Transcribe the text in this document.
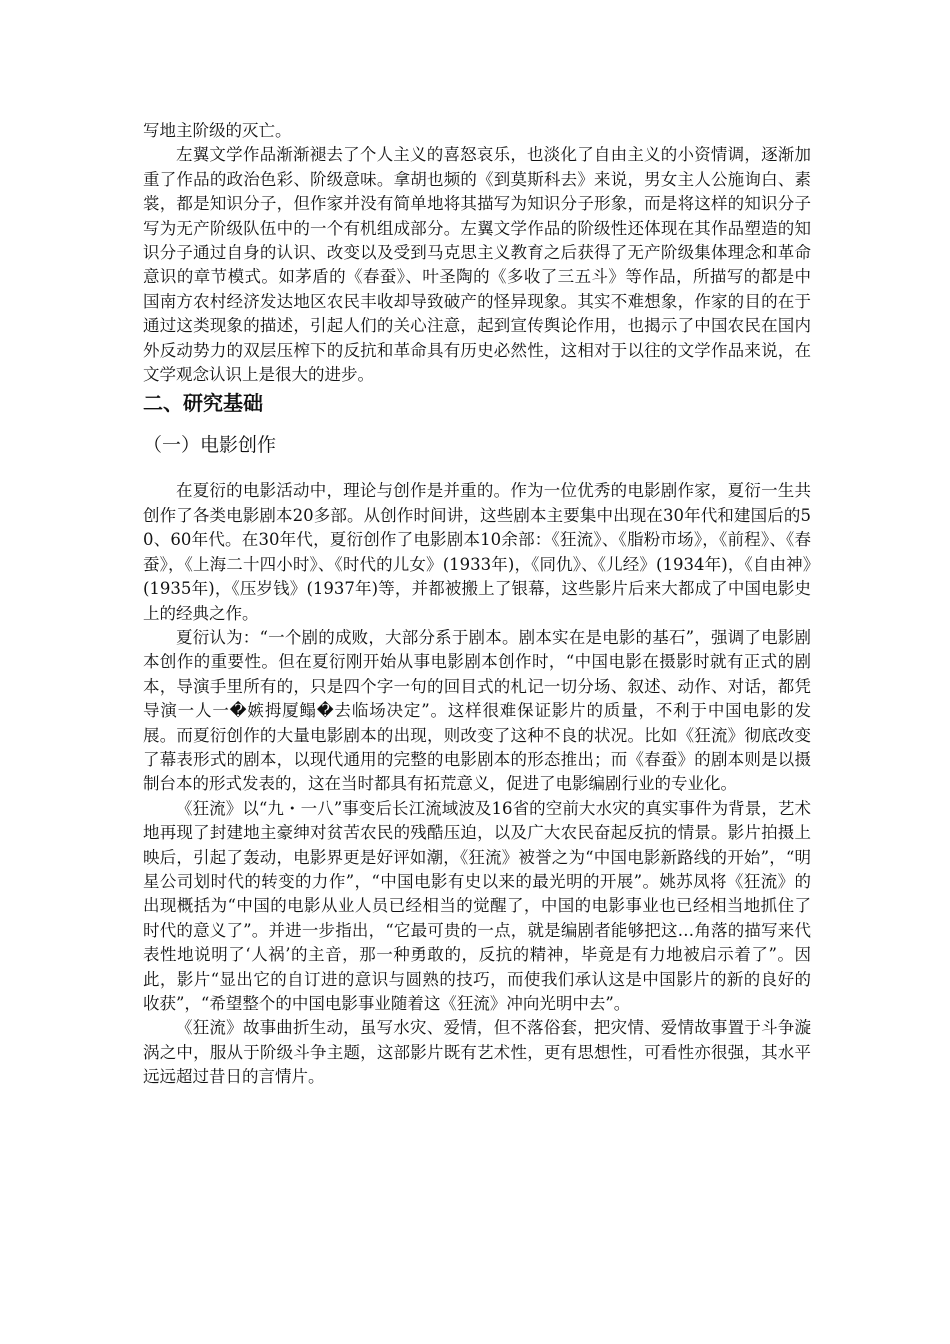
写地主阶级的灭亡。

左翼文学作品渐渐褪去了个人主义的喜怒哀乐，也淡化了自由主义的小资情调，逐渐加重了作品的政治色彩、阶级意味。拿胡也频的《到莫斯科去》来说，男女主人公施询白、素裳，都是知识分子，但作家并没有简单地将其描写为知识分子形象，而是将这样的知识分子写为无产阶级队伍中的一个有机组成部分。左翼文学作品的阶级性还体现在其作品塑造的知识分子通过自身的认识、改变以及受到马克思主义教育之后获得了无产阶级集体理念和革命意识的章节模式。如茅盾的《春蚕》、叶圣陶的《多收了三五斗》等作品，所描写的都是中国南方农村经济发达地区农民丰收却导致破产的怪异现象。其实不难想象，作家的目的在于通过这类现象的描述，引起人们的关心注意，起到宣传舆论作用，也揭示了中国农民在国内外反动势力的双层压榨下的反抗和革命具有历史必然性，这相对于以往的文学作品来说，在文学观念认识上是很大的进步。

二、研究基础
（一）电影创作

在夏衍的电影活动中，理论与创作是并重的。作为一位优秀的电影剧作家，夏衍一生共创作了各类电影剧本20多部。从创作时间讲，这些剧本主要集中出现在30年代和建国后的50、60年代。在30年代，夏衍创作了电影剧本10余部：《狂流》、《脂粉市场》，《前程》、《春蚕》，《上海二十四小时》、《时代的儿女》(1933年)，《同仇》、《儿经》(1934年)，《自由神》(1935年)，《压岁钱》(1937年)等，并都被搬上了银幕，这些影片后来大都成了中国电影史上的经典之作。

夏衍认为：“一个剧的成败，大部分系于剧本。剧本实在是电影的基石”，强调了电影剧本创作的重要性。但在夏衍刚开始从事电影剧本创作时，“中国电影在摄影时就有正式的剧本，导演手里所有的，只是四个字一句的回目式的札记一切分场、叙述、动作、对话，都凭导演一人一�嫉拇厦鳎�去临场决定”。这样很难保证影片的质量，不利于中国电影的发展。而夏衍创作的大量电影剧本的出现，则改变了这种不良的状况。比如《狂流》彻底改变了幕表形式的剧本，以现代通用的完整的电影剧本的形态推出；而《春蚕》的剧本则是以摄制台本的形式发表的，这在当时都具有拓荒意义，促进了电影编剧行业的专业化。

《狂流》以“九・一八”事变后长江流域波及16省的空前大水灾的真实事件为背景，艺术地再现了封建地主豪绅对贫苦农民的残酷压迫，以及广大农民奋起反抗的情景。影片拍摄上映后，引起了轰动，电影界更是好评如潮，《狂流》被誉之为“中国电影新路线的开始”，“明星公司划时代的转变的力作”，“中国电影有史以来的最光明的开展”。姚苏凤将《狂流》的出现概括为“中国的电影从业人员已经相当的觉醒了，中国的电影事业也已经相当地抓住了时代的意义了”。并进一步指出，“它最可贵的一点，就是编剧者能够把这…角落的描写来代表性地说明了‘人祸’的主音，那一种勇敢的，反抗的精神，毕竟是有力地被启示着了”。因此，影片“显出它的自订进的意识与圆熟的技巧，而使我们承认这是中国影片的新的良好的收获”，“希望整个的中国电影事业随着这《狂流》冲向光明中去”。

《狂流》故事曲折生动，虽写水灾、爱情，但不落俗套，把灾情、爱情故事置于斗争漩涡之中，服从于阶级斗争主题，这部影片既有艺术性，更有思想性，可看性亦很强，其水平远远超过昔日的言情片。
